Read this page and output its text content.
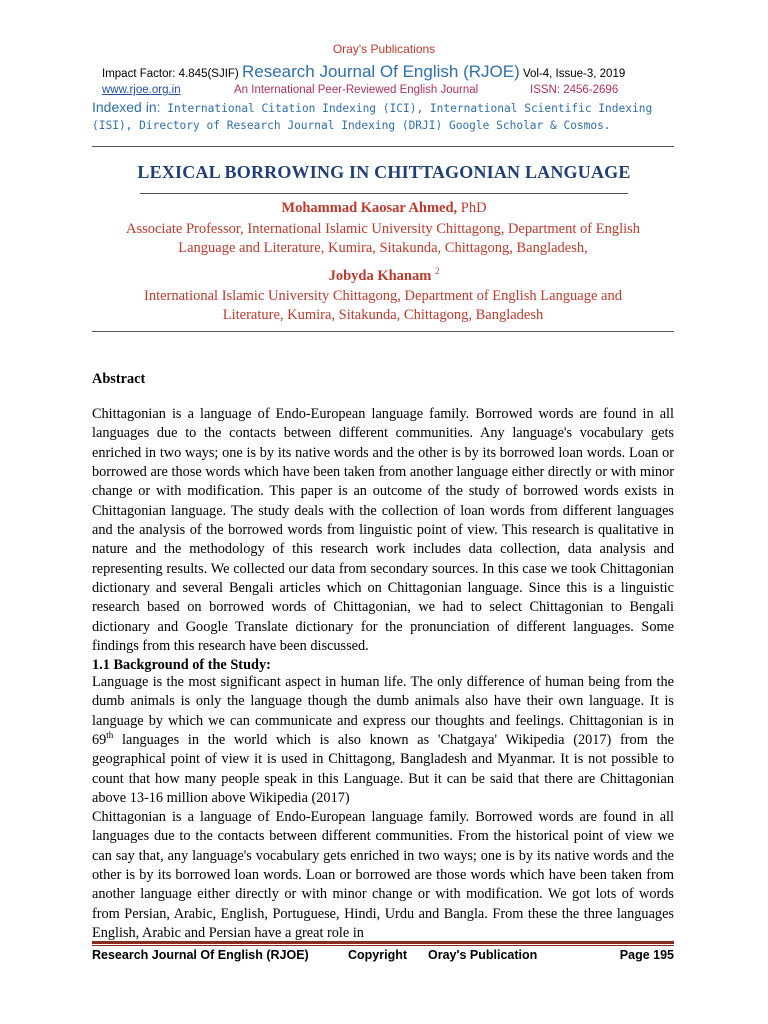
Oray's Publications
Impact Factor: 4.845(SJIF) Research Journal Of English (RJOE) Vol-4, Issue-3, 2019
www.rjoe.org.in	An International Peer-Reviewed English Journal	ISSN: 2456-2696
Indexed in: International Citation Indexing (ICI), International Scientific Indexing
(ISI), Directory of Research Journal Indexing (DRJI) Google Scholar & Cosmos.
LEXICAL BORROWING IN CHITTAGONIAN LANGUAGE
Mohammad Kaosar Ahmed, PhD
Associate Professor, International Islamic University Chittagong, Department of English
Language and Literature, Kumira, Sitakunda, Chittagong, Bangladesh,
Jobyda Khanam $^2$
International Islamic University Chittagong, Department of English Language and
Literature, Kumira, Sitakunda, Chittagong, Bangladesh
Abstract
Chittagonian is a language of Endo-European language family. Borrowed words are found in all languages due to the contacts between different communities. Any language's vocabulary gets enriched in two ways; one is by its native words and the other is by its borrowed loan words. Loan or borrowed are those words which have been taken from another language either directly or with minor change or with modification. This paper is an outcome of the study of borrowed words exists in Chittagonian language. The study deals with the collection of loan words from different languages and the analysis of the borrowed words from linguistic point of view. This research is qualitative in nature and the methodology of this research work includes data collection, data analysis and representing results. We collected our data from secondary sources. In this case we took Chittagonian dictionary and several Bengali articles which on Chittagonian language. Since this is a linguistic research based on borrowed words of Chittagonian, we had to select Chittagonian to Bengali dictionary and Google Translate dictionary for the pronunciation of different languages. Some findings from this research have been discussed.
1.1 Background of the Study:
Language is the most significant aspect in human life. The only difference of human being from the dumb animals is only the language though the dumb animals also have their own language. It is language by which we can communicate and express our thoughts and feelings. Chittagonian is in 69th languages in the world which is also known as 'Chatgaya' Wikipedia (2017) from the geographical point of view it is used in Chittagong, Bangladesh and Myanmar. It is not possible to count that how many people speak in this Language. But it can be said that there are Chittagonian above 13-16 million above Wikipedia (2017)
Chittagonian is a language of Endo-European language family. Borrowed words are found in all languages due to the contacts between different communities. From the historical point of view we can say that, any language's vocabulary gets enriched in two ways; one is by its native words and the other is by its borrowed loan words. Loan or borrowed are those words which have been taken from another language either directly or with minor change or with modification. We got lots of words from Persian, Arabic, English, Portuguese, Hindi, Urdu and Bangla. From these the three languages English, Arabic and Persian have a great role in
Research Journal Of English (RJOE)	Copyright Oray's Publication	Page 195
